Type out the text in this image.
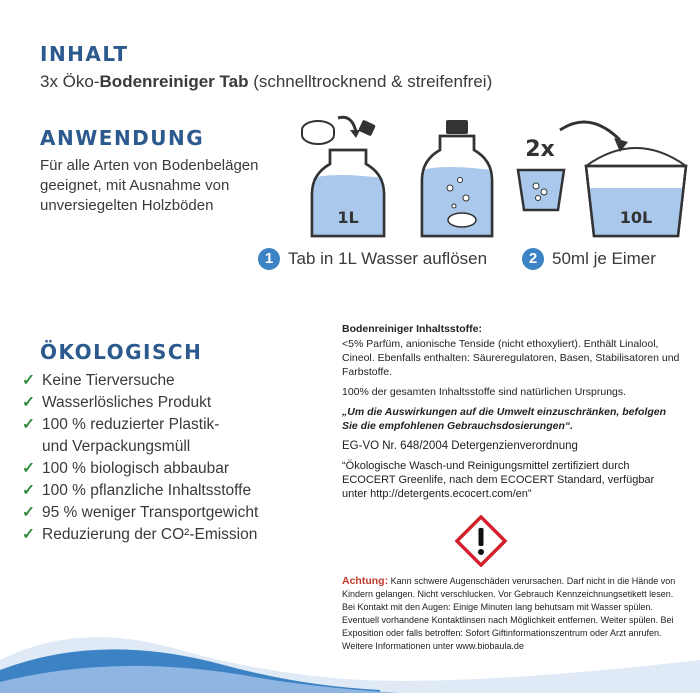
INHALT
3x Öko-Bodenreiniger Tab (schnelltrocknend & streifenfrei)
ANWENDUNG
Für alle Arten von Bodenbelägen geeignet, mit Ausnahme von unversiegelten Holzböden
1L
2x
10L
1 Tab in 1L Wasser auflösen	2 50ml je Eimer
ÖKOLOGISCH
✓ Keine Tierversuche
✓ Wasserlösliches Produkt
✓ 100 % reduzierter Plastik-
und Verpackungsmüll
✓ 100 % biologisch abbaubar
✓ 100 % pflanzliche Inhaltsstoffe
✓ 95 % weniger Transportgewicht
✓ Reduzierung der CO²-Emission

Bodenreiniger Inhaltsstoffe:

<5% Parfüm, anionische Tenside (nicht ethoxyliert). Enthält Linalool, Cineol. Ebenfalls enthalten: Säureregulatoren, Basen, Stabilisatoren und Farbstoffe.

100% der gesamten Inhaltsstoffe sind natürlichen Ursprungs.

„Um die Auswirkungen auf die Umwelt einzuschränken, befolgen Sie die empfohlenen Gebrauchsdosierungen“.

EG-VO Nr. 648/2004 Detergenzienverordnung

“Ökologische Wasch-und Reinigungsmittel zertifiziert durch ECOCERT Greenlife, nach dem ECOCERT Standard, verfügbar unter http://detergents.ecocert.com/en”

Achtung: Kann schwere Augenschäden verursachen. Darf nicht in die Hände von Kindern gelangen. Nicht verschlucken. Vor Gebrauch Kennzeichnungsetikett lesen. Bei Kontakt mit den Augen: Einige Minuten lang behutsam mit Wasser spülen. Eventuell vorhandene Kontaktlinsen nach Möglichkeit entfernen. Weiter spülen. Bei Exposition oder falls betroffen: Sofort Giftinformationszentrum oder Arzt anrufen.
Weitere Informationen unter www.biobaula.de
